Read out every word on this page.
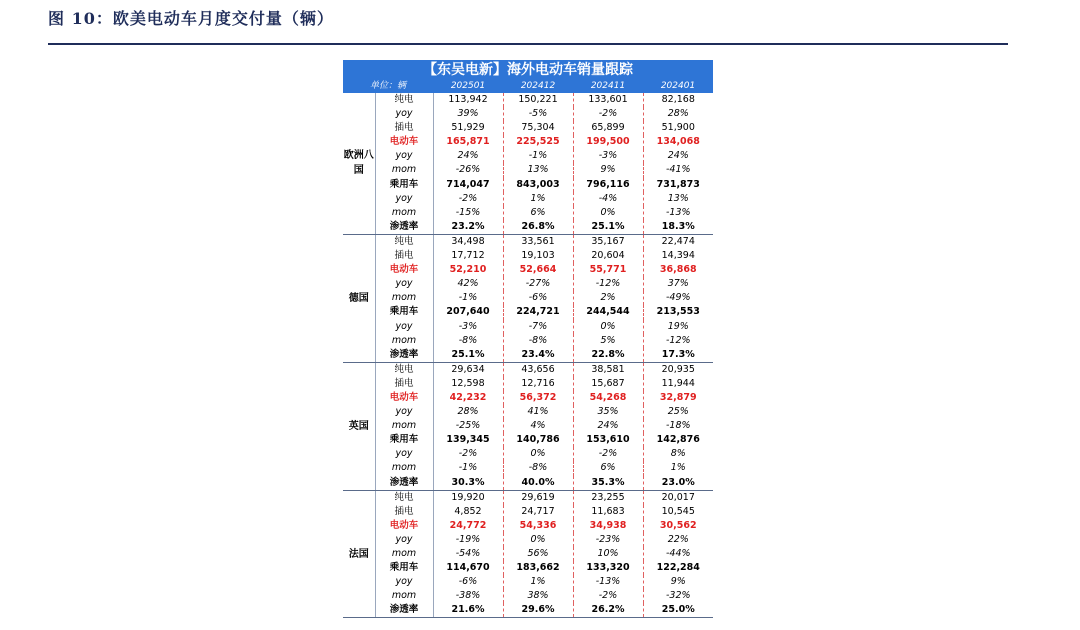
图 10：欧美电动车月度交付量（辆）
【东吴电新】海外电动车销量跟踪					
单位：辆		202501	202412	202411	202401
欧洲八国	纯电	113,942	150,221	133,601	82,168
	yoy	39%	-5%	-2%	28%
	插电	51,929	75,304	65,899	51,900
	电动车	165,871	225,525	199,500	134,068
	yoy	24%	-1%	-3%	24%
	mom	-26%	13%	9%	-41%
	乘用车	714,047	843,003	796,116	731,873
	yoy	-2%	1%	-4%	13%
	mom	-15%	6%	0%	-13%
	渗透率	23.2%	26.8%	25.1%	18.3%
德国	纯电	34,498	33,561	35,167	22,474
	插电	17,712	19,103	20,604	14,394
	电动车	52,210	52,664	55,771	36,868
	yoy	42%	-27%	-12%	37%
	mom	-1%	-6%	2%	-49%
	乘用车	207,640	224,721	244,544	213,553
	yoy	-3%	-7%	0%	19%
	mom	-8%	-8%	5%	-12%
	渗透率	25.1%	23.4%	22.8%	17.3%
英国	纯电	29,634	43,656	38,581	20,935
	插电	12,598	12,716	15,687	11,944
	电动车	42,232	56,372	54,268	32,879
	yoy	28%	41%	35%	25%
	mom	-25%	4%	24%	-18%
	乘用车	139,345	140,786	153,610	142,876
	yoy	-2%	0%	-2%	8%
	mom	-1%	-8%	6%	1%
	渗透率	30.3%	40.0%	35.3%	23.0%
法国	纯电	19,920	29,619	23,255	20,017
	插电	4,852	24,717	11,683	10,545
	电动车	24,772	54,336	34,938	30,562
	yoy	-19%	0%	-23%	22%
	mom	-54%	56%	10%	-44%
	乘用车	114,670	183,662	133,320	122,284
	yoy	-6%	1%	-13%	9%
	mom	-38%	38%	-2%	-32%
	渗透率	21.6%	29.6%	26.2%	25.0%
